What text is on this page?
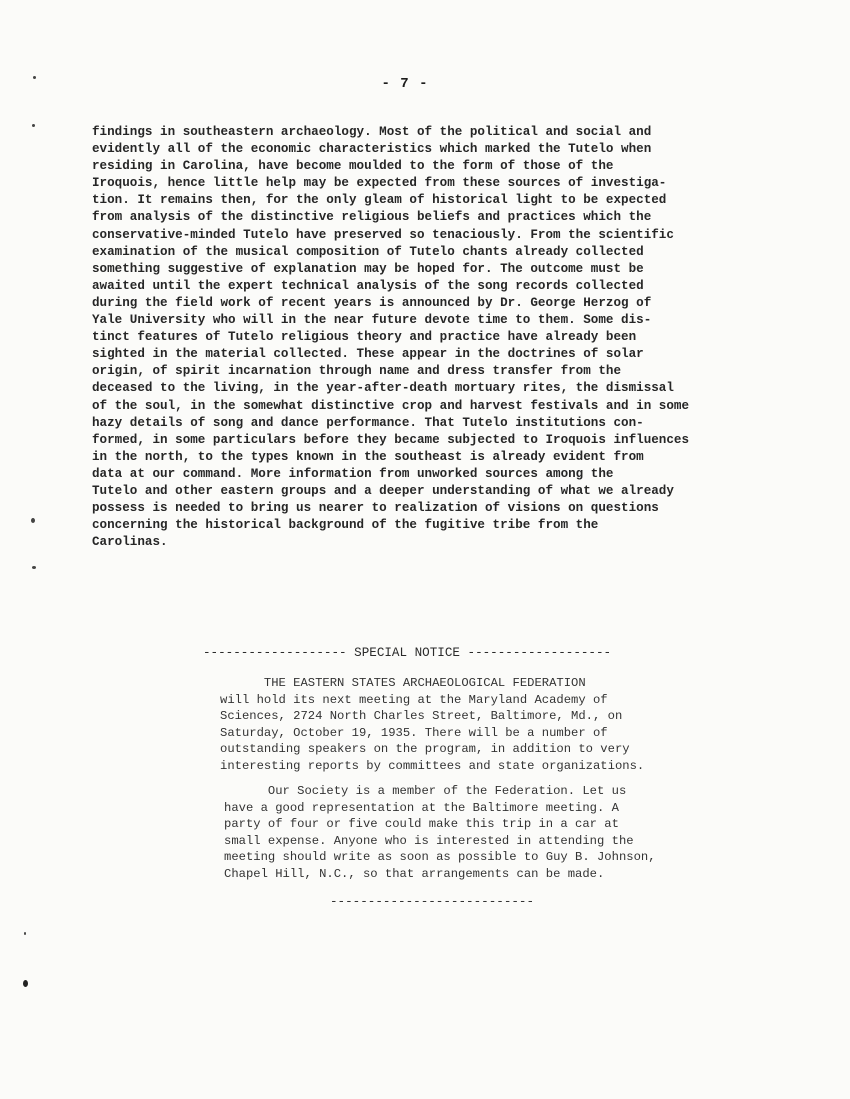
- 7 -
findings in southeastern archaeology. Most of the political and social and
evidently all of the economic characteristics which marked the Tutelo when
residing in Carolina, have become moulded to the form of those of the
Iroquois, hence little help may be expected from these sources of investiga-
tion. It remains then, for the only gleam of historical light to be expected
from analysis of the distinctive religious beliefs and practices which the
conservative-minded Tutelo have preserved so tenaciously. From the scientific
examination of the musical composition of Tutelo chants already collected
something suggestive of explanation may be hoped for. The outcome must be
awaited until the expert technical analysis of the song records collected
during the field work of recent years is announced by Dr. George Herzog of
Yale University who will in the near future devote time to them. Some dis-
tinct features of Tutelo religious theory and practice have already been
sighted in the material collected. These appear in the doctrines of solar
origin, of spirit incarnation through name and dress transfer from the
deceased to the living, in the year-after-death mortuary rites, the dismissal
of the soul, in the somewhat distinctive crop and harvest festivals and in some
hazy details of song and dance performance. That Tutelo institutions con-
formed, in some particulars before they became subjected to Iroquois influences
in the north, to the types known in the southeast is already evident from
data at our command. More information from unworked sources among the
Tutelo and other eastern groups and a deeper understanding of what we already
possess is needed to bring us nearer to realization of visions on questions
concerning the historical background of the fugitive tribe from the
Carolinas.
------------------- SPECIAL NOTICE -------------------
THE EASTERN STATES ARCHAEOLOGICAL FEDERATION
will hold its next meeting at the Maryland Academy of
Sciences, 2724 North Charles Street, Baltimore, Md., on
Saturday, October 19, 1935. There will be a number of
outstanding speakers on the program, in addition to very
interesting reports by committees and state organizations.
Our Society is a member of the Federation. Let us
have a good representation at the Baltimore meeting. A
party of four or five could make this trip in a car at
small expense. Anyone who is interested in attending the
meeting should write as soon as possible to Guy B. Johnson,
Chapel Hill, N.C., so that arrangements can be made.
---------------------------
